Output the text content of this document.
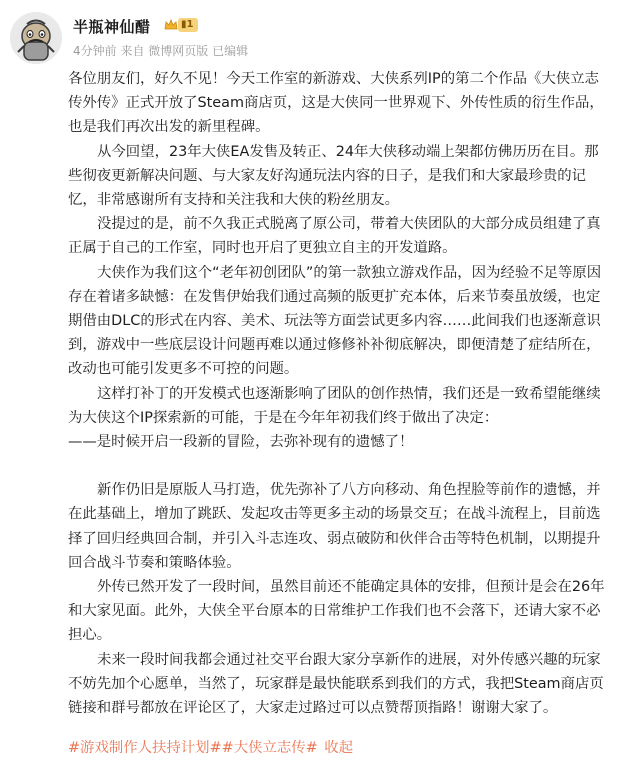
半瓶神仙醋	▮1
4分钟前 来自 微博网页版 已编辑

各位朋友们，好久不见！今天工作室的新游戏、大侠系列IP的第二个作品《大侠立志传外传》正式开放了Steam商店页，这是大侠同一世界观下、外传性质的衍生作品，也是我们再次出发的新里程碑。

从今回望，23年大侠EA发售及转正、24年大侠移动端上架都仿佛历历在目。那些彻夜更新解决问题、与大家友好沟通玩法内容的日子，是我们和大家最珍贵的记忆，非常感谢所有支持和关注我和大侠的粉丝朋友。

没提过的是，前不久我正式脱离了原公司，带着大侠团队的大部分成员组建了真正属于自己的工作室，同时也开启了更独立自主的开发道路。

大侠作为我们这个“老年初创团队”的第一款独立游戏作品，因为经验不足等原因存在着诸多缺憾：在发售伊始我们通过高频的版更扩充本体，后来节奏虽放缓，也定期借由DLC的形式在内容、美术、玩法等方面尝试更多内容……此间我们也逐渐意识到，游戏中一些底层设计问题再难以通过修修补补彻底解决，即便清楚了症结所在，改动也可能引发更多不可控的问题。

这样打补丁的开发模式也逐渐影响了团队的创作热情，我们还是一致希望能继续为大侠这个IP探索新的可能，于是在今年年初我们终于做出了决定：

——是时候开启一段新的冒险，去弥补现有的遗憾了！

新作仍旧是原版人马打造，优先弥补了八方向移动、角色捏脸等前作的遗憾，并在此基础上，增加了跳跃、发起攻击等更多主动的场景交互；在战斗流程上，目前选择了回归经典回合制，并引入斗志连攻、弱点破防和伙伴合击等特色机制，以期提升回合战斗节奏和策略体验。

外传已然开发了一段时间，虽然目前还不能确定具体的安排，但预计是会在26年和大家见面。此外，大侠全平台原本的日常维护工作我们也不会落下，还请大家不必担心。

未来一段时间我都会通过社交平台跟大家分享新作的进展，对外传感兴趣的玩家不妨先加个心愿单，当然了，玩家群是最快能联系到我们的方式，我把Steam商店页链接和群号都放在评论区了，大家走过路过可以点赞帮顶指路！谢谢大家了。

#游戏制作人扶持计划##大侠立志传# 收起
